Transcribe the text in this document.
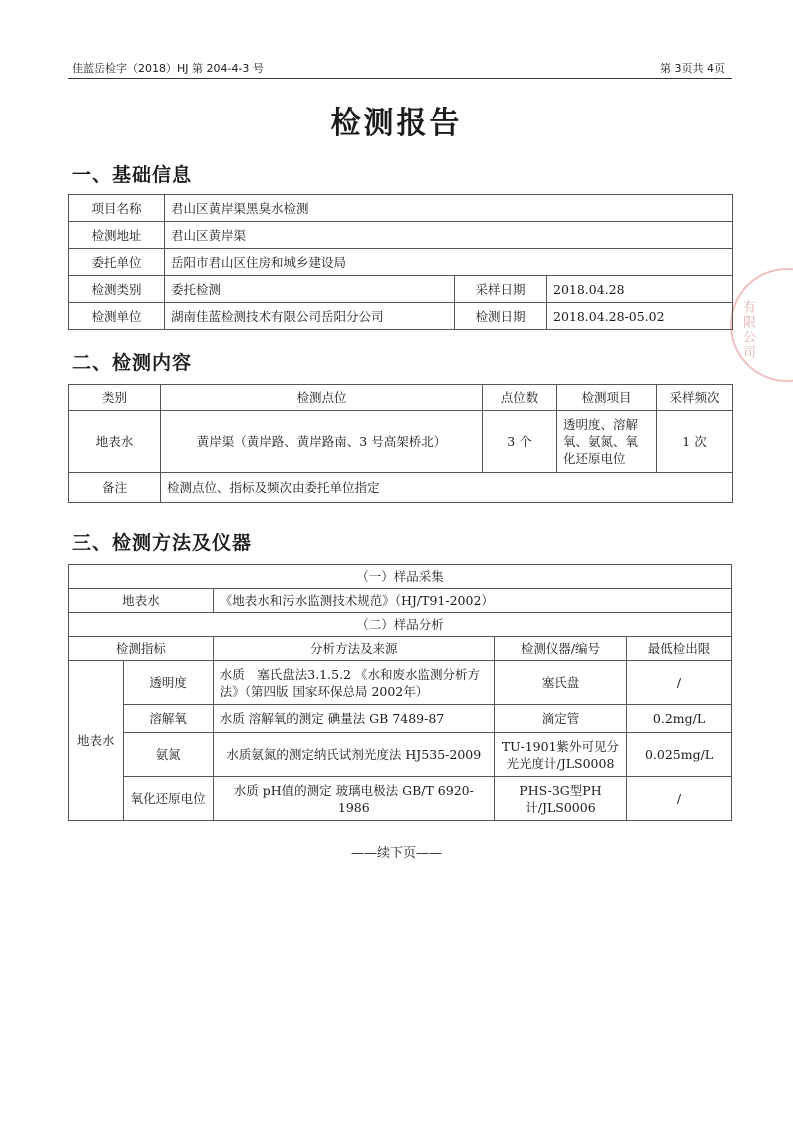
佳蓝岳检字（2018）HJ 第 204-4-3 号	第 3页共 4页
检测报告
有限公司
一、基础信息
项目名称	君山区黄岸渠黑臭水检测		
检测地址	君山区黄岸渠		
委托单位	岳阳市君山区住房和城乡建设局		
检测类别	委托检测	采样日期	2018.04.28
检测单位	湖南佳蓝检测技术有限公司岳阳分公司	检测日期	2018.04.28-05.02
二、检测内容
类别	检测点位	点位数	检测项目	采样频次
地表水	黄岸渠（黄岸路、黄岸路南、3 号高架桥北）	3 个	透明度、溶解氧、氨氮、氧化还原电位	1 次
备注	检测点位、指标及频次由委托单位指定			
三、检测方法及仪器
（一）样品采集				
地表水		《地表水和污水监测技术规范》（HJ/T91-2002）		
（二）样品分析				
检测指标		分析方法及来源	检测仪器/编号	最低检出限
地表水	透明度	水质　塞氏盘法3.1.5.2 《水和废水监测分析方法》（第四版 国家环保总局 2002年）	塞氏盘	/
	溶解氧	水质 溶解氧的测定 碘量法 GB 7489-87	滴定管	0.2mg/L
	氨氮	水质氨氮的测定纳氏试剂光度法 HJ535-2009	TU-1901紫外可见分光光度计/JLS0008	0.025mg/L
	氧化还原电位	水质 pH值的测定 玻璃电极法 GB/T 6920-1986	PHS-3G型PH计/JLS0006	/
——续下页——
